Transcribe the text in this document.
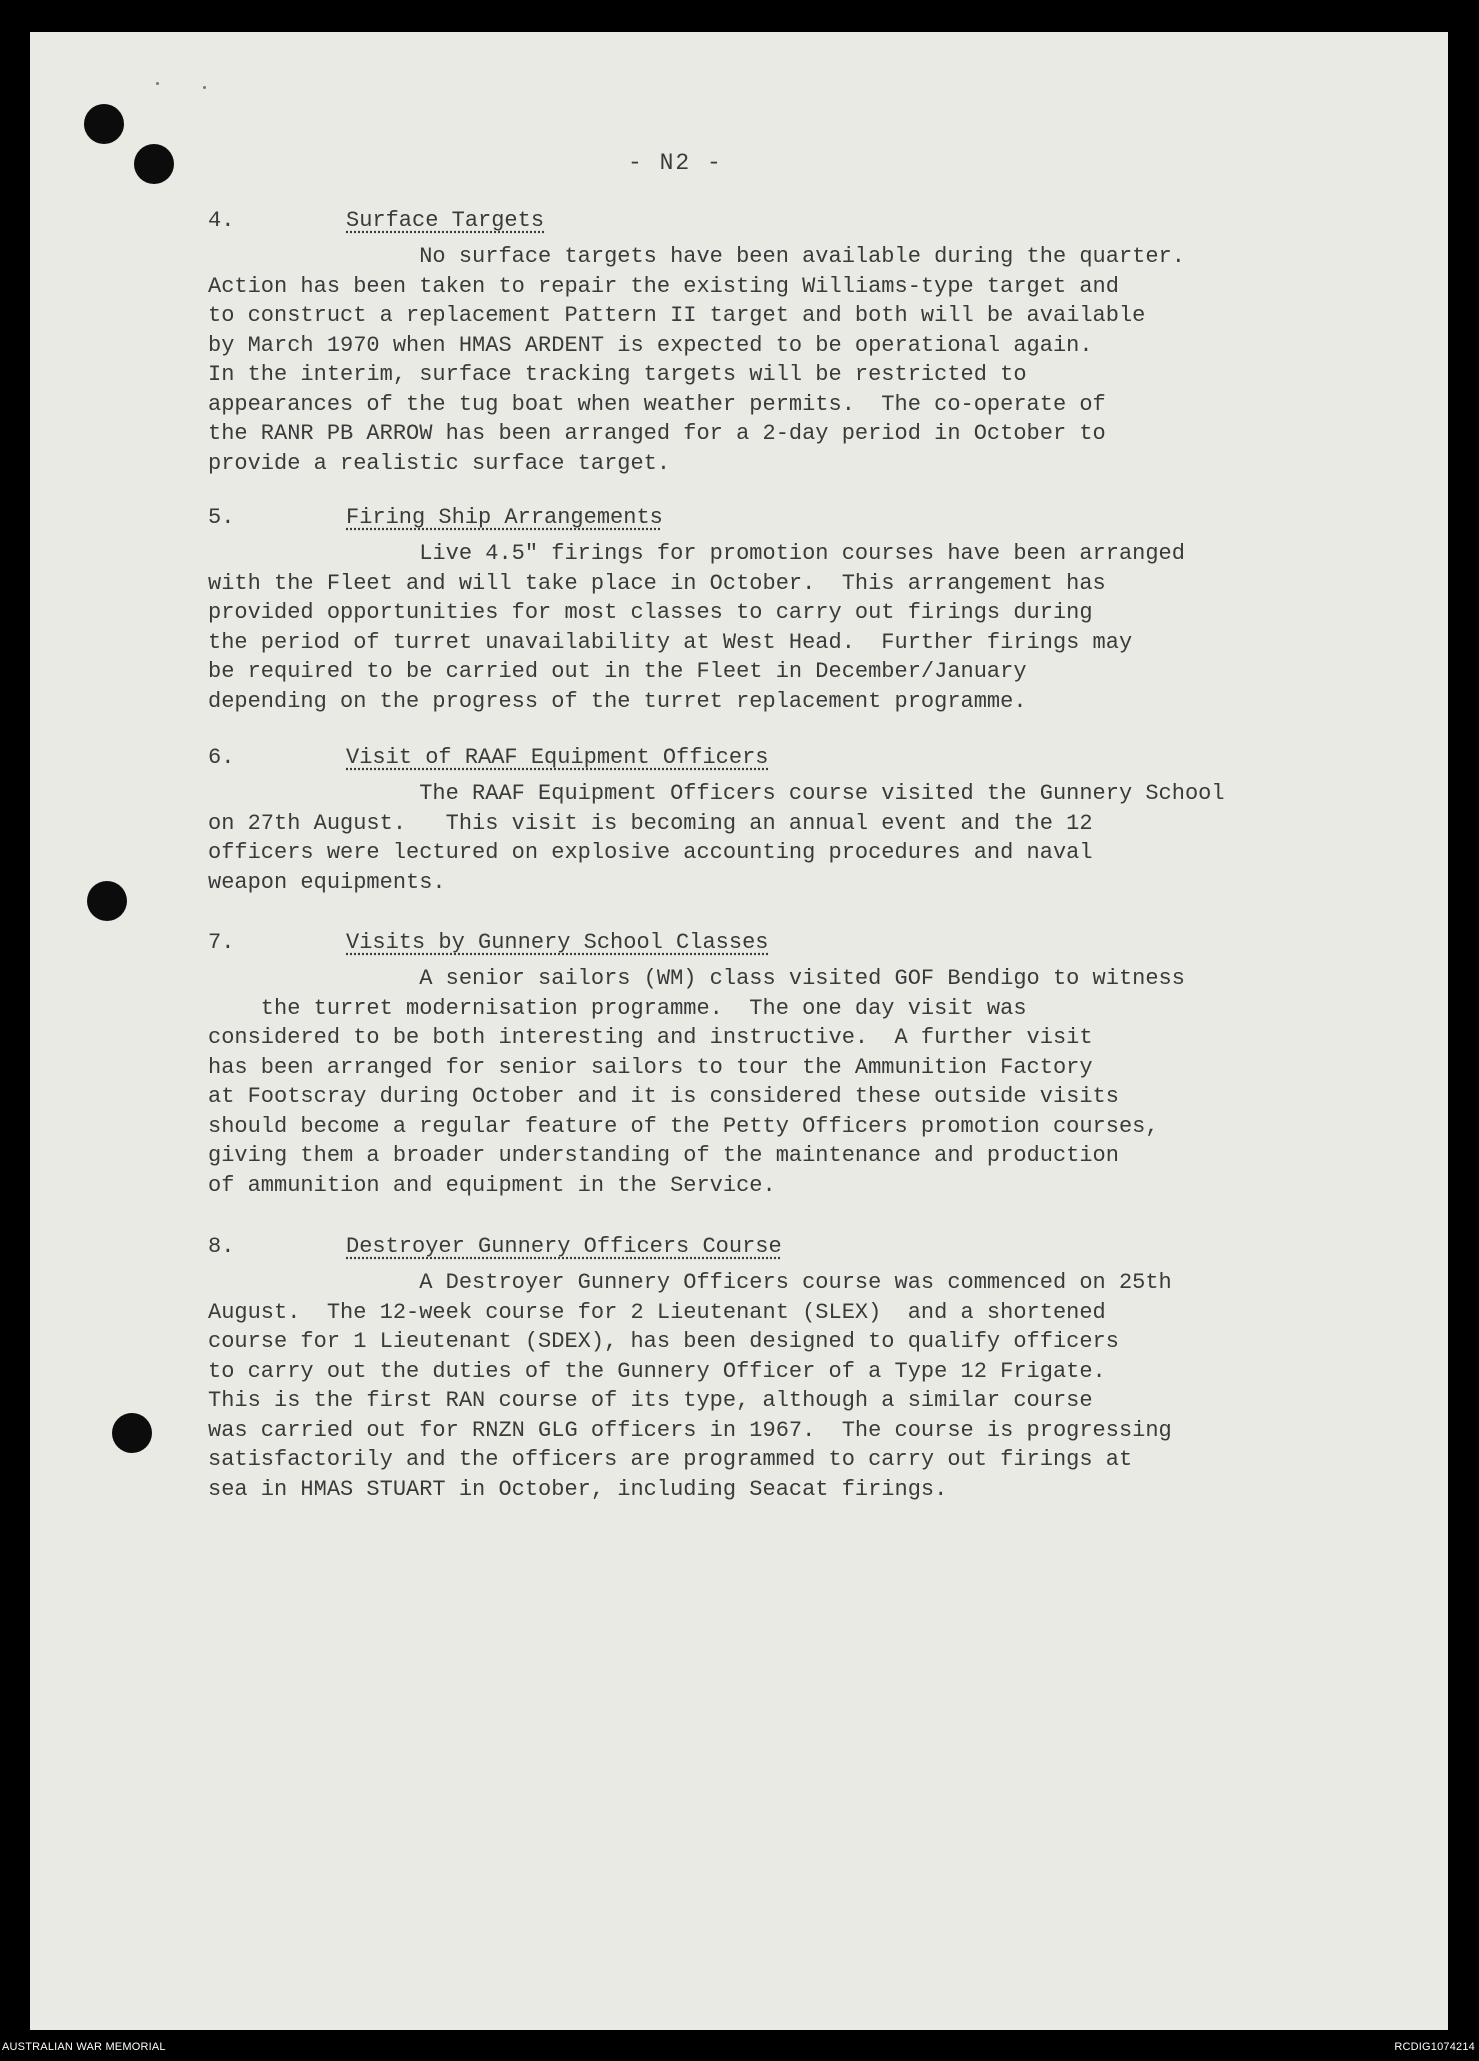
- N2 -
4.	Surface Targets
No surface targets have been available during the quarter.
Action has been taken to repair the existing Williams-type target and
to construct a replacement Pattern II target and both will be available
by March 1970 when HMAS ARDENT is expected to be operational again.
In the interim, surface tracking targets will be restricted to
appearances of the tug boat when weather permits.  The co-operate of
the RANR PB ARROW has been arranged for a 2-day period in October to
provide a realistic surface target.
5.	Firing Ship Arrangements
Live 4.5" firings for promotion courses have been arranged
with the Fleet and will take place in October.  This arrangement has
provided opportunities for most classes to carry out firings during
the period of turret unavailability at West Head.  Further firings may
be required to be carried out in the Fleet in December/January
depending on the progress of the turret replacement programme.
6.	Visit of RAAF Equipment Officers
The RAAF Equipment Officers course visited the Gunnery School
on 27th August.   This visit is becoming an annual event and the 12
officers were lectured on explosive accounting procedures and naval
weapon equipments.
7.	Visits by Gunnery School Classes
A senior sailors (WM) class visited GOF Bendigo to witness
the turret modernisation programme.  The one day visit was
considered to be both interesting and instructive.  A further visit
has been arranged for senior sailors to tour the Ammunition Factory
at Footscray during October and it is considered these outside visits
should become a regular feature of the Petty Officers promotion courses,
giving them a broader understanding of the maintenance and production
of ammunition and equipment in the Service.
8.	Destroyer Gunnery Officers Course
A Destroyer Gunnery Officers course was commenced on 25th
August.  The 12-week course for 2 Lieutenant (SLEX)  and a shortened
course for 1 Lieutenant (SDEX), has been designed to qualify officers
to carry out the duties of the Gunnery Officer of a Type 12 Frigate.
This is the first RAN course of its type, although a similar course
was carried out for RNZN GLG officers in 1967.  The course is progressing
satisfactorily and the officers are programmed to carry out firings at
sea in HMAS STUART in October, including Seacat firings.
AUSTRALIAN WAR MEMORIAL	RCDIG1074214
